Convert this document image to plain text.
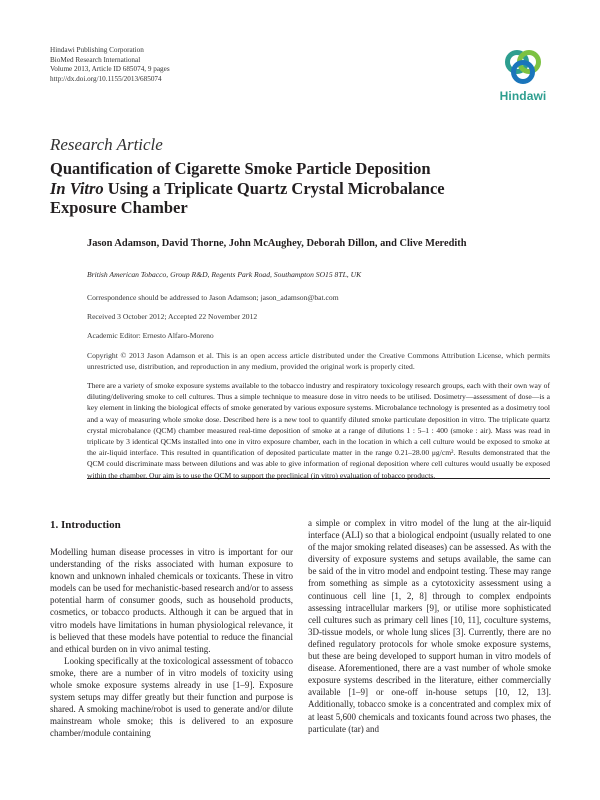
Hindawi Publishing Corporation
BioMed Research International
Volume 2013, Article ID 685074, 9 pages
http://dx.doi.org/10.1155/2013/685074
Hindawi
Research Article
Quantification of Cigarette Smoke Particle Deposition
In Vitro Using a Triplicate Quartz Crystal Microbalance
Exposure Chamber
Jason Adamson, David Thorne, John McAughey, Deborah Dillon, and Clive Meredith
British American Tobacco, Group R&D, Regents Park Road, Southampton SO15 8TL, UK
Correspondence should be addressed to Jason Adamson; jason_adamson@bat.com
Received 3 October 2012; Accepted 22 November 2012
Academic Editor: Ernesto Alfaro-Moreno
Copyright © 2013 Jason Adamson et al. This is an open access article distributed under the Creative Commons Attribution License, which permits unrestricted use, distribution, and reproduction in any medium, provided the original work is properly cited.
There are a variety of smoke exposure systems available to the tobacco industry and respiratory toxicology research groups, each with their own way of diluting/delivering smoke to cell cultures. Thus a simple technique to measure dose in vitro needs to be utilised. Dosimetry—assessment of dose—is a key element in linking the biological effects of smoke generated by various exposure systems. Microbalance technology is presented as a dosimetry tool and a way of measuring whole smoke dose. Described here is a new tool to quantify diluted smoke particulate deposition in vitro. The triplicate quartz crystal microbalance (QCM) chamber measured real-time deposition of smoke at a range of dilutions 1 : 5–1 : 400 (smoke : air). Mass was read in triplicate by 3 identical QCMs installed into one in vitro exposure chamber, each in the location in which a cell culture would be exposed to smoke at the air-liquid interface. This resulted in quantification of deposited particulate matter in the range 0.21–28.00 μg/cm². Results demonstrated that the QCM could discriminate mass between dilutions and was able to give information of regional deposition where cell cultures would usually be exposed within the chamber. Our aim is to use the QCM to support the preclinical (in vitro) evaluation of tobacco products.
1. Introduction

Modelling human disease processes in vitro is important for our understanding of the risks associated with human exposure to known and unknown inhaled chemicals or toxicants. These in vitro models can be used for mechanistic-based research and/or to assess potential harm of consumer goods, such as household products, cosmetics, or tobacco products. Although it can be argued that in vitro models have limitations in human physiological relevance, it is believed that these models have potential to reduce the financial and ethical burden on in vivo animal testing.

Looking specifically at the toxicological assessment of tobacco smoke, there are a number of in vitro models of toxicity using whole smoke exposure systems already in use [1–9]. Exposure system setups may differ greatly but their function and purpose is shared. A smoking machine/robot is used to generate and/or dilute mainstream whole smoke; this is delivered to an exposure chamber/module containing

a simple or complex in vitro model of the lung at the air-liquid interface (ALI) so that a biological endpoint (usually related to one of the major smoking related diseases) can be assessed. As with the diversity of exposure systems and setups available, the same can be said of the in vitro model and endpoint testing. These may range from something as simple as a cytotoxicity assessment using a continuous cell line [1, 2, 8] through to complex endpoints assessing intracellular markers [9], or utilise more sophisticated cell cultures such as primary cell lines [10, 11], coculture systems, 3D-tissue models, or whole lung slices [3]. Currently, there are no defined regulatory protocols for whole smoke exposure systems, but these are being developed to support human in vitro models of disease. Aforementioned, there are a vast number of whole smoke exposure systems described in the literature, either commercially available [1–9] or one-off in-house setups [10, 12, 13]. Additionally, tobacco smoke is a concentrated and complex mix of at least 5,600 chemicals and toxicants found across two phases, the particulate (tar) and
